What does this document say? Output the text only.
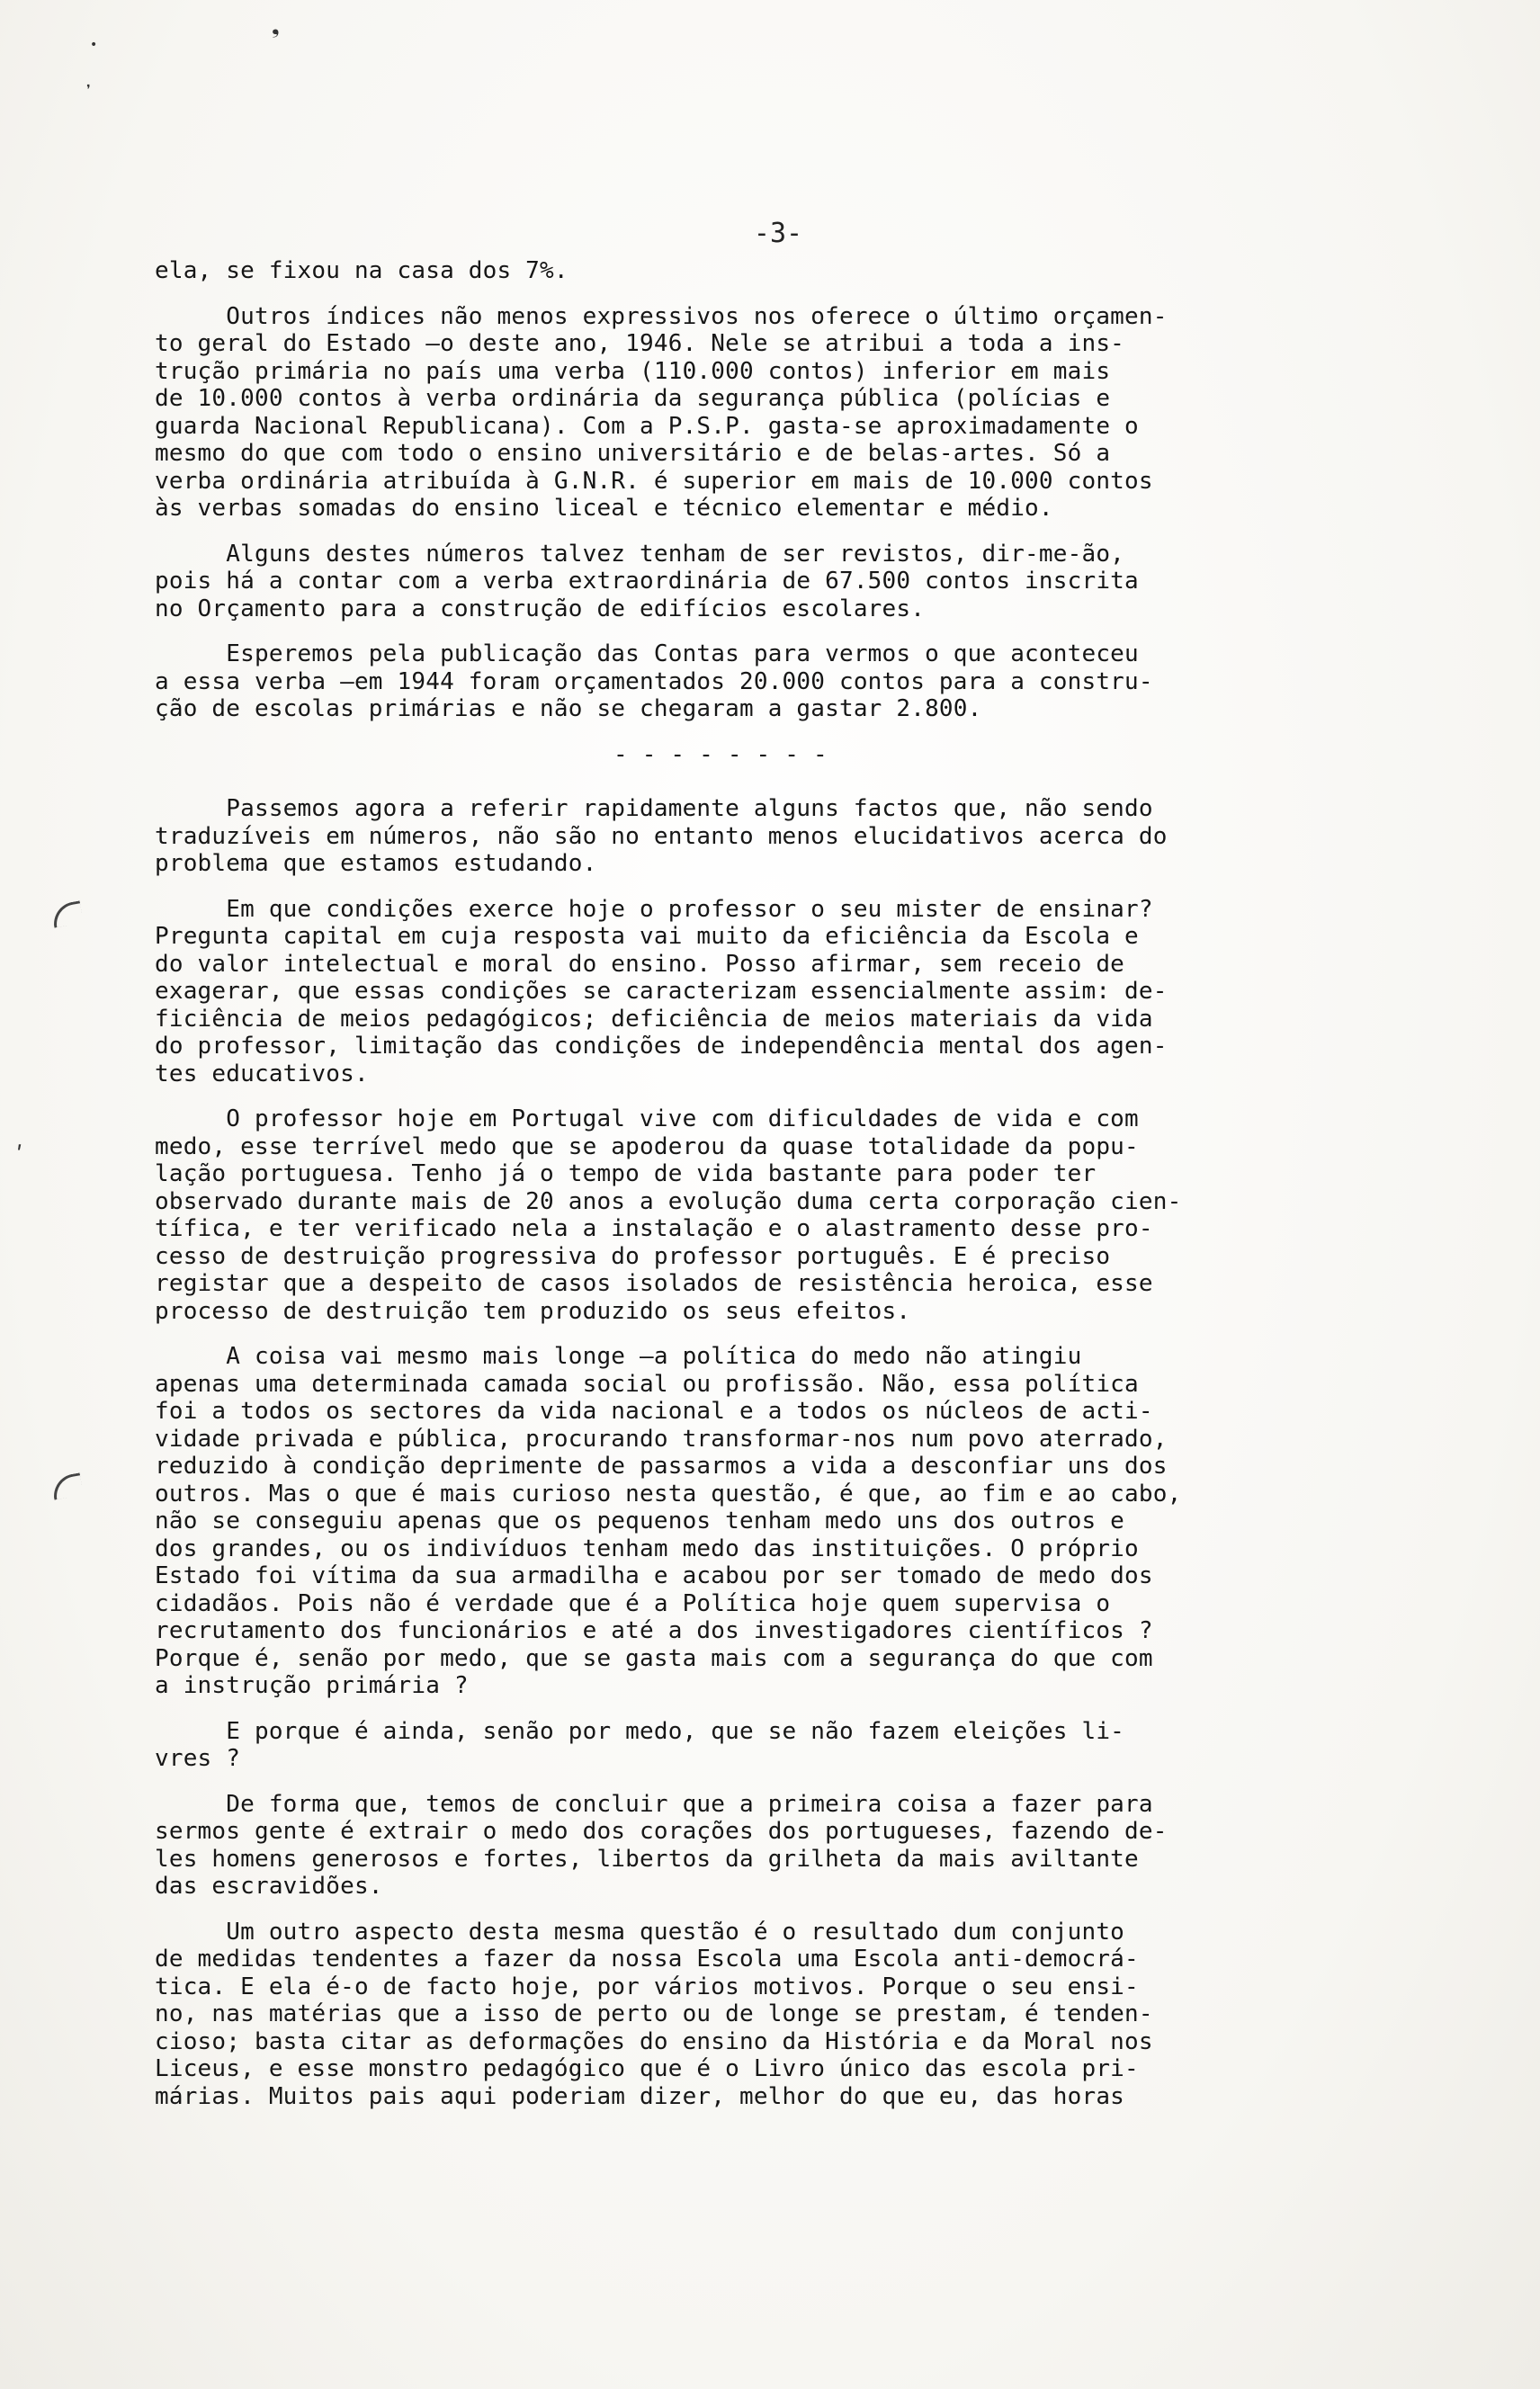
❟
•
❜
ʹ
-3-

ela, se fixou na casa dos 7%.

Outros índices não menos expressivos nos oferece o último orçamen-

to geral do Estado —o deste ano, 1946. Nele se atribui a toda a ins-

trução primária no país uma verba (110.000 contos) inferior em mais

de 10.000 contos à verba ordinária da segurança pública (polícias e

guarda Nacional Republicana). Com a P.S.P. gasta-se aproximadamente o

mesmo do que com todo o ensino universitário e de belas-artes. Só a

verba ordinária atribuída à G.N.R. é superior em mais de 10.000 contos

às verbas somadas do ensino liceal e técnico elementar e médio.

Alguns destes números talvez tenham de ser revistos, dir-me-ão,

pois há a contar com a verba extraordinária de 67.500 contos inscrita

no Orçamento para a construção de edifícios escolares.

Esperemos pela publicação das Contas para vermos o que aconteceu

a essa verba —em 1944 foram orçamentados 20.000 contos para a constru-

ção de escolas primárias e não se chegaram a gastar 2.800.

- - - - - - - -

Passemos agora a referir rapidamente alguns factos que, não sendo

traduzíveis em números, não são no entanto menos elucidativos acerca do

problema que estamos estudando.

Em que condições exerce hoje o professor o seu mister de ensinar?

Pregunta capital em cuja resposta vai muito da eficiência da Escola e

do valor intelectual e moral do ensino. Posso afirmar, sem receio de

exagerar, que essas condições se caracterizam essencialmente assim: de-

ficiência de meios pedagógicos; deficiência de meios materiais da vida

do professor, limitação das condições de independência mental dos agen-

tes educativos.

O professor hoje em Portugal vive com dificuldades de vida e com

medo, esse terrível medo que se apoderou da quase totalidade da popu-

lação portuguesa. Tenho já o tempo de vida bastante para poder ter

observado durante mais de 20 anos a evolução duma certa corporação cien-

tífica, e ter verificado nela a instalação e o alastramento desse pro-

cesso de destruição progressiva do professor português. E é preciso

registar que a despeito de casos isolados de resistência heroica, esse

processo de destruição tem produzido os seus efeitos.

A coisa vai mesmo mais longe —a política do medo não atingiu

apenas uma determinada camada social ou profissão. Não, essa política

foi a todos os sectores da vida nacional e a todos os núcleos de acti-

vidade privada e pública, procurando transformar-nos num povo aterrado,

reduzido à condição deprimente de passarmos a vida a desconfiar uns dos

outros. Mas o que é mais curioso nesta questão, é que, ao fim e ao cabo,

não se conseguiu apenas que os pequenos tenham medo uns dos outros e

dos grandes, ou os indivíduos tenham medo das instituições. O próprio

Estado foi vítima da sua armadilha e acabou por ser tomado de medo dos

cidadãos. Pois não é verdade que é a Política hoje quem supervisa o

recrutamento dos funcionários e até a dos investigadores científicos ?

Porque é, senão por medo, que se gasta mais com a segurança do que com

a instrução primária ?

E porque é ainda, senão por medo, que se não fazem eleições li-

vres ?

De forma que, temos de concluir que a primeira coisa a fazer para

sermos gente é extrair o medo dos corações dos portugueses, fazendo de-

les homens generosos e fortes, libertos da grilheta da mais aviltante

das escravidões.

Um outro aspecto desta mesma questão é o resultado dum conjunto

de medidas tendentes a fazer da nossa Escola uma Escola anti-democrá-

tica. E ela é-o de facto hoje, por vários motivos. Porque o seu ensi-

no, nas matérias que a isso de perto ou de longe se prestam, é tenden-

cioso; basta citar as deformações do ensino da História e da Moral nos

Liceus, e esse monstro pedagógico que é o Livro único das escola pri-

márias. Muitos pais aqui poderiam dizer, melhor do que eu, das horas
